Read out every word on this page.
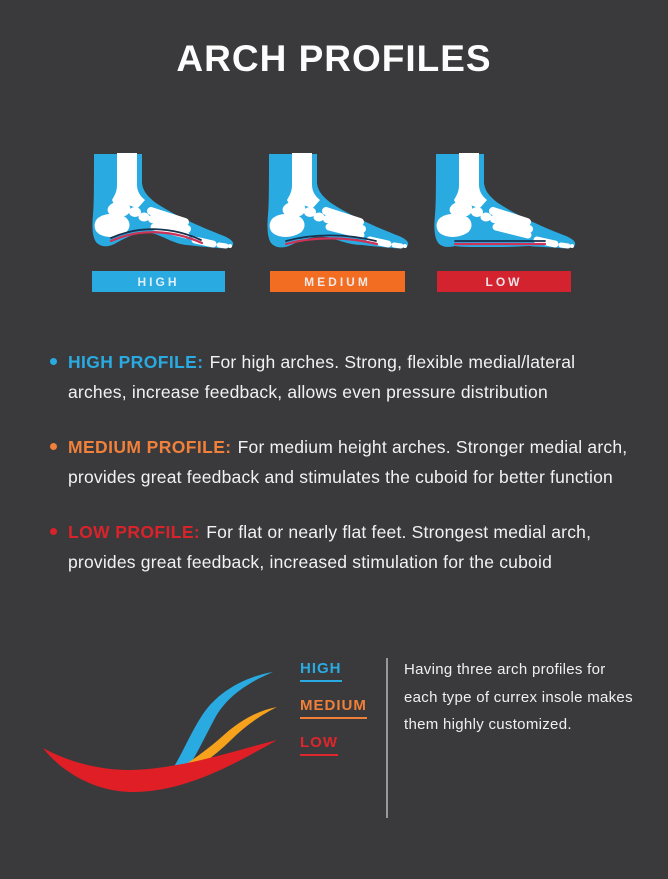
ARCH PROFILES
HIGH	MEDIUM	LOW

HIGH PROFILE: For high arches. Strong, flexible medial/lateral arches, increase feedback, allows even pressure distribution

MEDIUM PROFILE: For medium height arches. Stronger medial arch, provides great feedback and stimulates the cuboid for better function

LOW PROFILE: For flat or nearly flat feet. Strongest medial arch, provides great feedback, increased stimulation for the cuboid

HIGH
MEDIUM
LOW

Having three arch profiles for each type of currex insole makes them highly customized.
